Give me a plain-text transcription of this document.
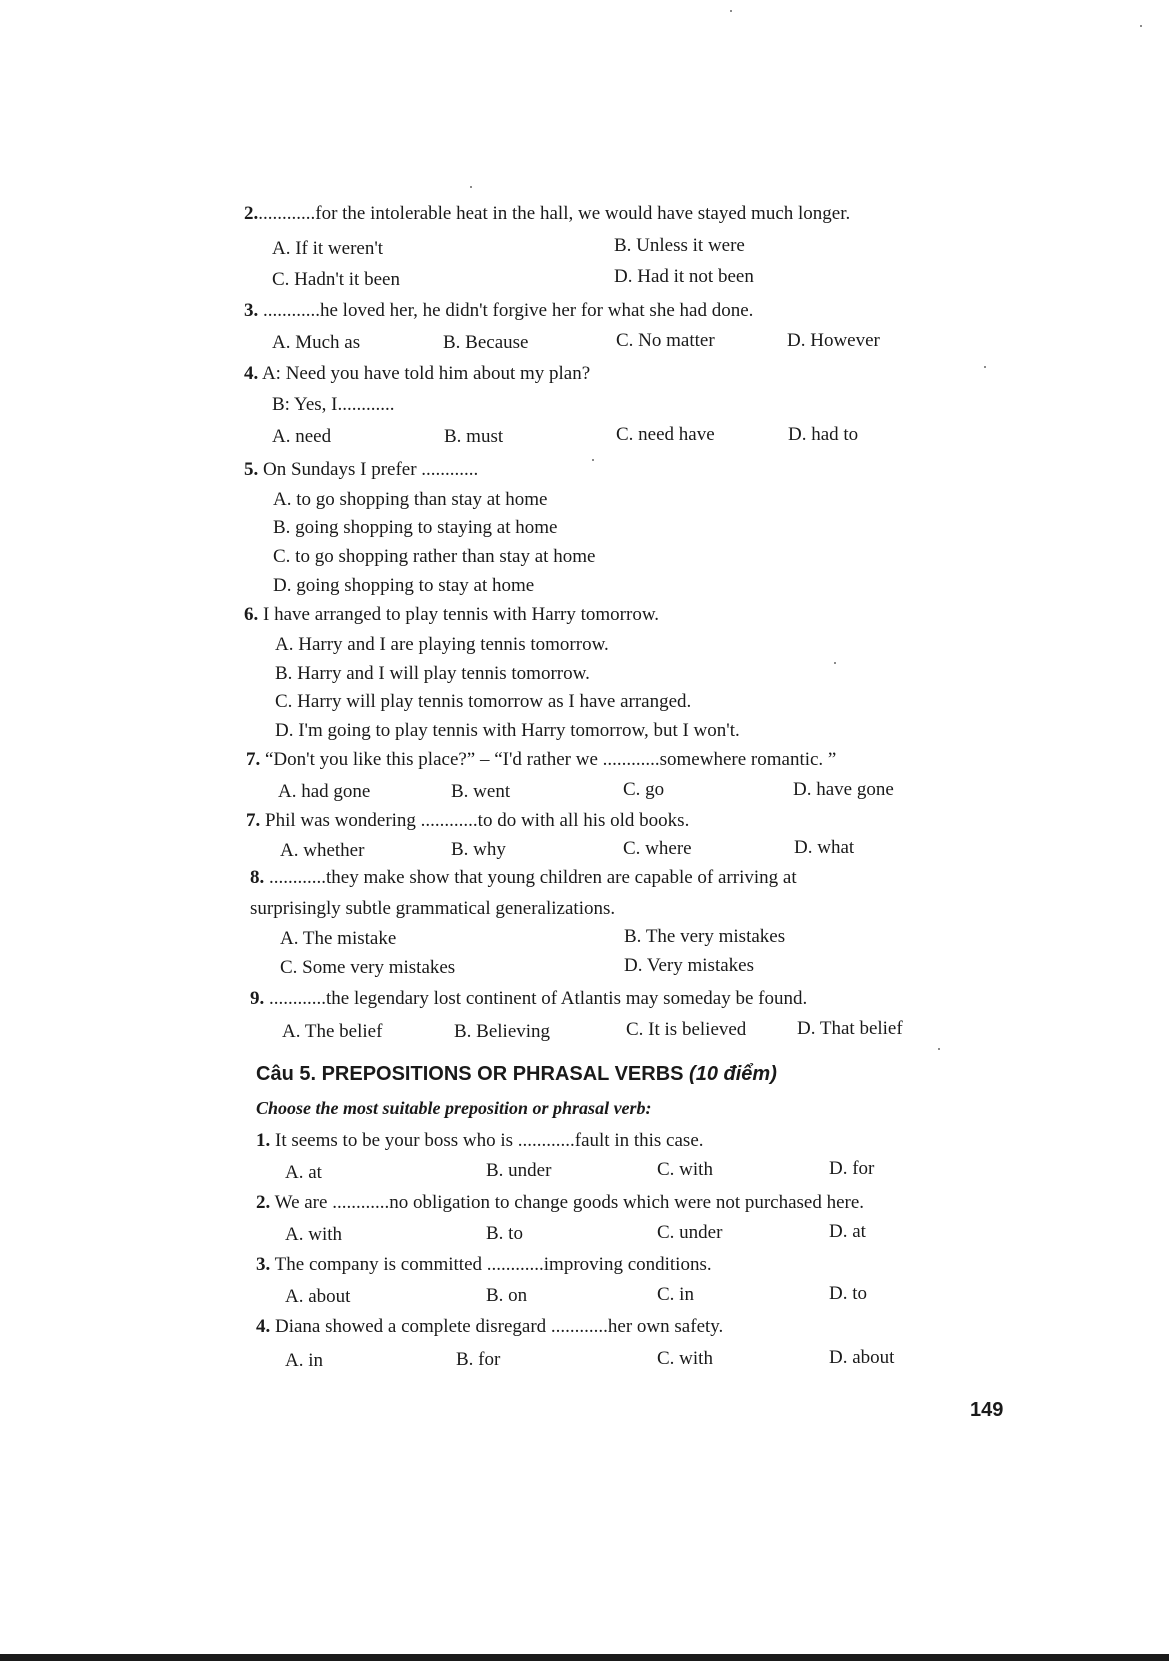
2.............for the intolerable heat in the hall, we would have stayed much longer.
A. If it weren't	B. Unless it were
C. Hadn't it been	D. Had it not been
3. ............he loved her, he didn't forgive her for what she had done.
A. Much as	B. Because	C. No matter	D. However
4. A: Need you have told him about my plan?
B: Yes, I............
A. need	B. must	C. need have	D. had to
5. On Sundays I prefer ............
A. to go shopping than stay at home
B. going shopping to staying at home
C. to go shopping rather than stay at home
D. going shopping to stay at home
6. I have arranged to play tennis with Harry tomorrow.
A. Harry and I are playing tennis tomorrow.
B. Harry and I will play tennis tomorrow.
C. Harry will play tennis tomorrow as I have arranged.
D. I'm going to play tennis with Harry tomorrow, but I won't.
7. “Don't you like this place?” – “I'd rather we ............somewhere romantic. ”
A. had gone	B. went	C. go	D. have gone
7. Phil was wondering ............to do with all his old books.
A. whether	B. why	C. where	D. what
8. ............they make show that young children are capable of arriving at
surprisingly subtle grammatical generalizations.
A. The mistake	B. The very mistakes
C. Some very mistakes	D. Very mistakes
9. ............the legendary lost continent of Atlantis may someday be found.
A. The belief	B. Believing	C. It is believed	D. That belief
Câu 5. PREPOSITIONS OR PHRASAL VERBS (10 điểm)
Choose the most suitable preposition or phrasal verb:
1. It seems to be your boss who is ............fault in this case.
A. at	B. under	C. with	D. for
2. We are ............no obligation to change goods which were not purchased here.
A. with	B. to	C. under	D. at
3. The company is committed ............improving conditions.
A. about	B. on	C. in	D. to
4. Diana showed a complete disregard ............her own safety.
A. in	B. for	C. with	D. about
149
